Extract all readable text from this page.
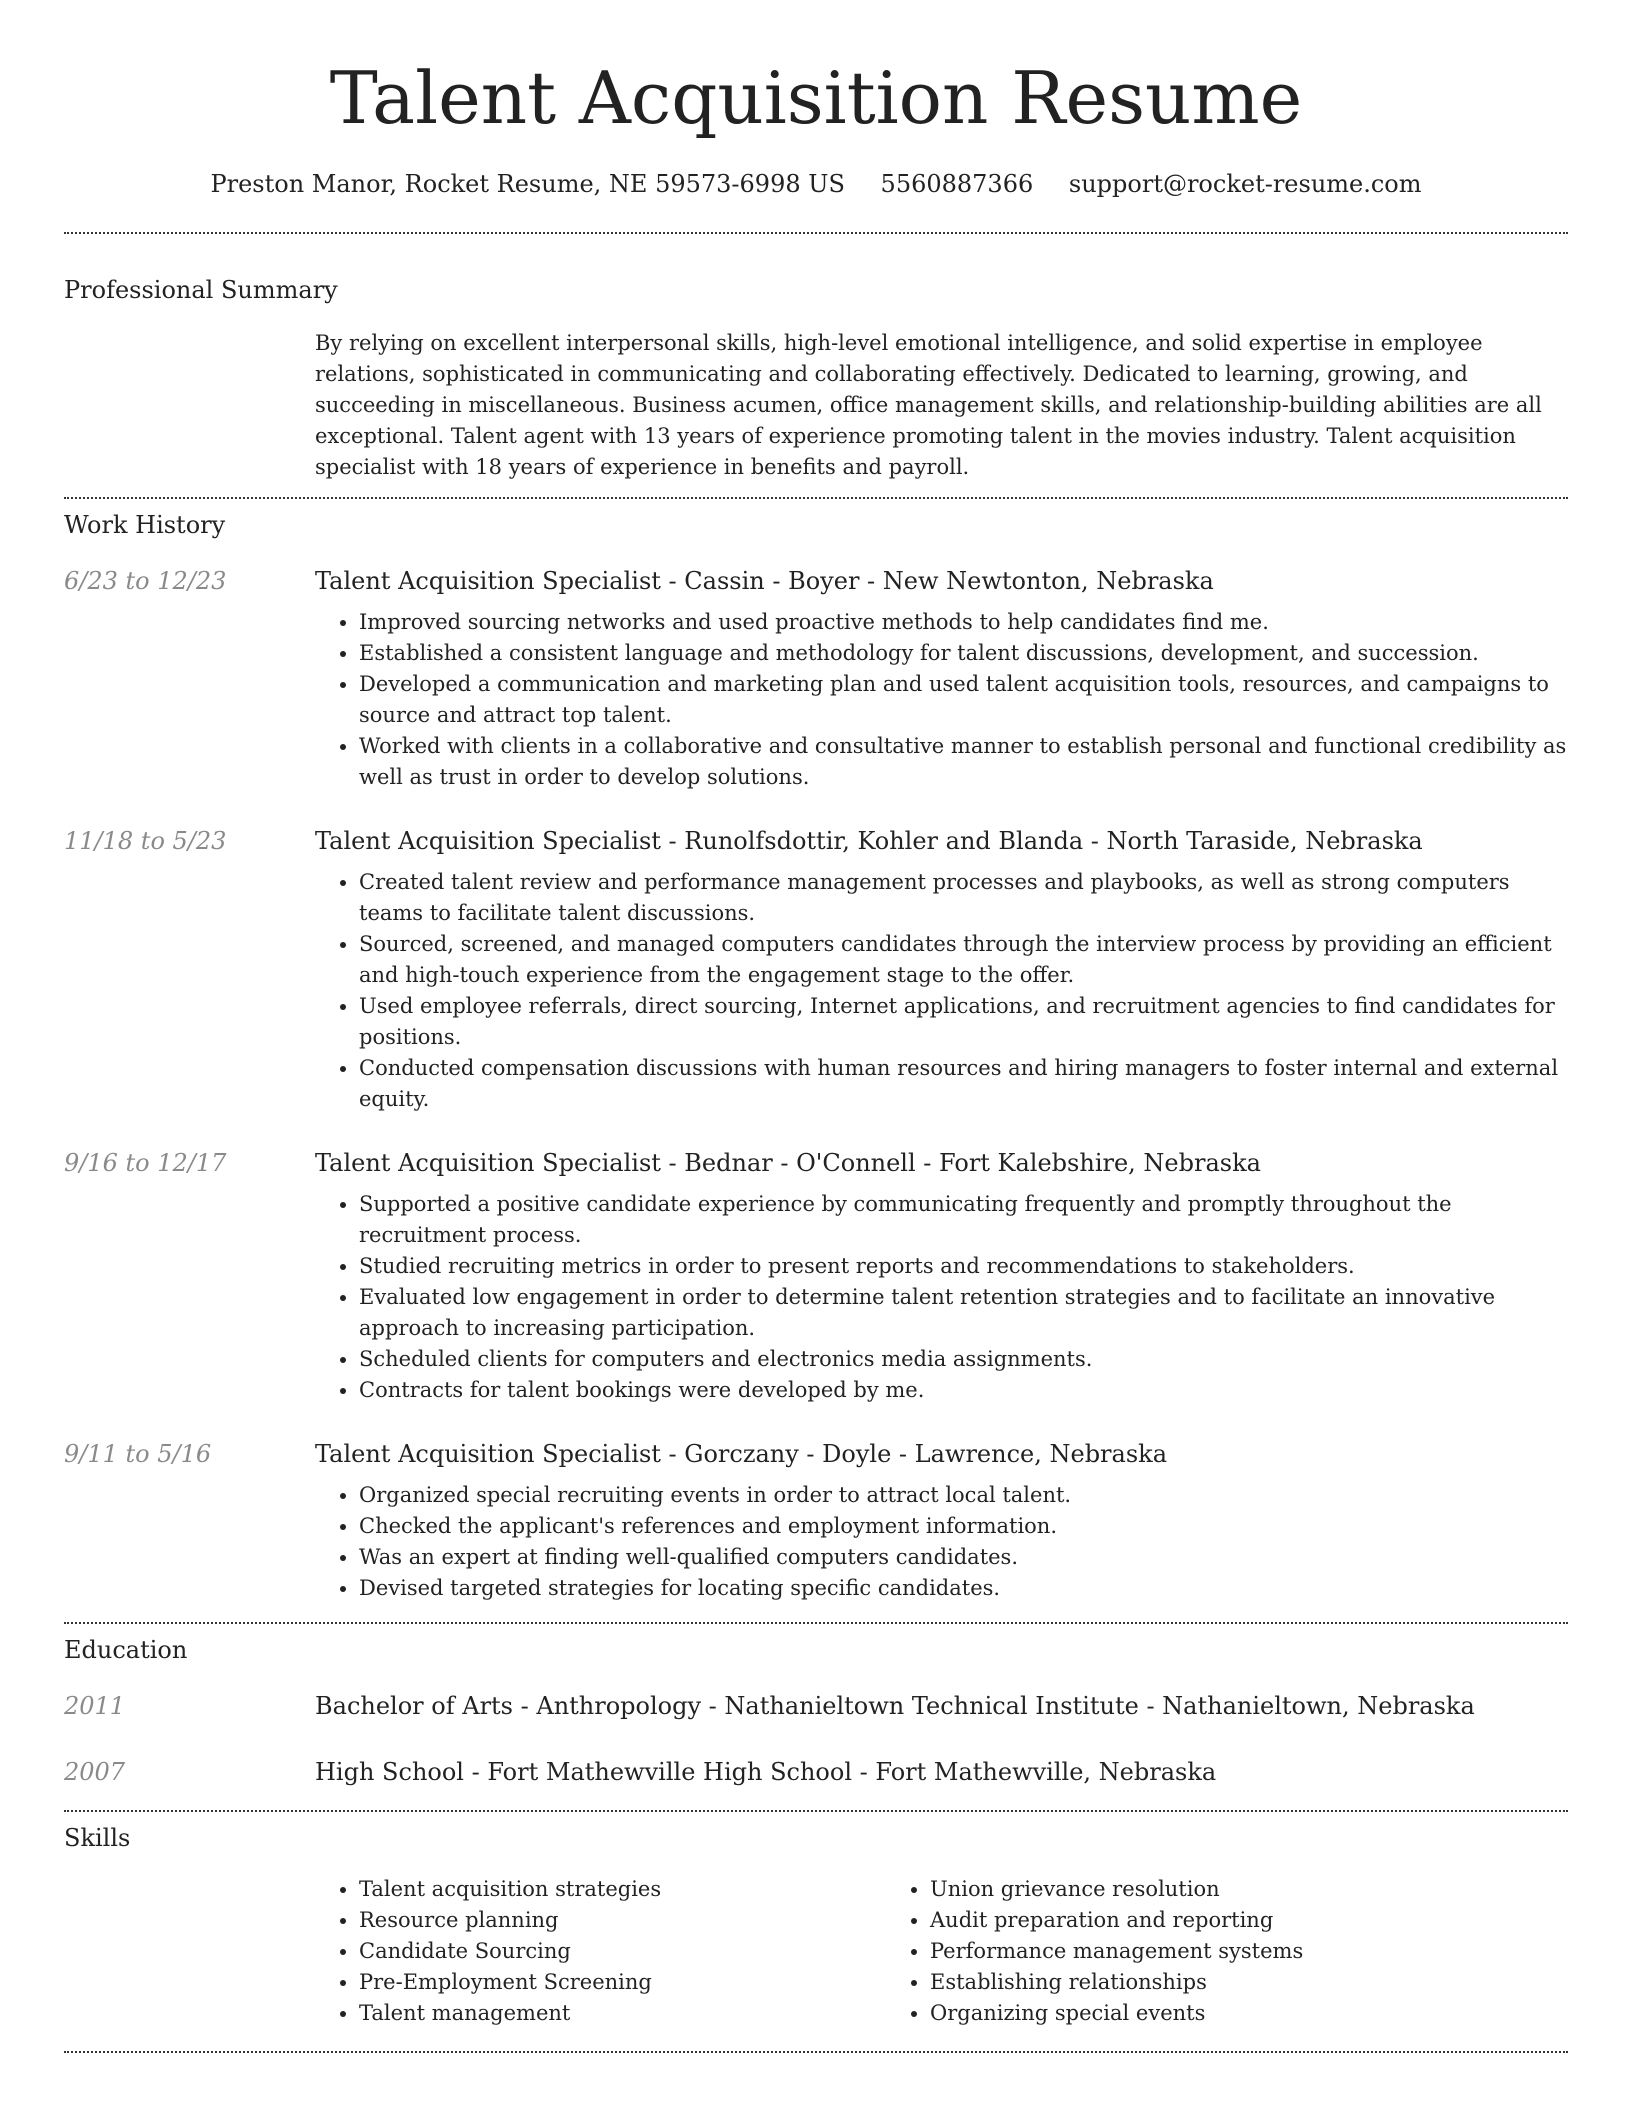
Talent Acquisition Resume
Preston Manor, Rocket Resume, NE 59573-6998 US 5560887366 support@rocket-resume.com
Professional Summary
By relying on excellent interpersonal skills, high-level emotional intelligence, and solid expertise in employee relations, sophisticated in communicating and collaborating effectively. Dedicated to learning, growing, and succeeding in miscellaneous. Business acumen, office management skills, and relationship-building abilities are all exceptional. Talent agent with 13 years of experience promoting talent in the movies industry. Talent acquisition specialist with 18 years of experience in benefits and payroll.
Work History
6/23 to 12/23	Talent Acquisition Specialist - Cassin - Boyer - New Newtonton, Nebraska
• Improved sourcing networks and used proactive methods to help candidates find me.
• Established a consistent language and methodology for talent discussions, development, and succession.
• Developed a communication and marketing plan and used talent acquisition tools, resources, and campaigns to source and attract top talent.
• Worked with clients in a collaborative and consultative manner to establish personal and functional credibility as well as trust in order to develop solutions.
11/18 to 5/23	Talent Acquisition Specialist - Runolfsdottir, Kohler and Blanda - North Taraside, Nebraska
• Created talent review and performance management processes and playbooks, as well as strong computers teams to facilitate talent discussions.
• Sourced, screened, and managed computers candidates through the interview process by providing an efficient and high-touch experience from the engagement stage to the offer.
• Used employee referrals, direct sourcing, Internet applications, and recruitment agencies to find candidates for positions.
• Conducted compensation discussions with human resources and hiring managers to foster internal and external equity.
9/16 to 12/17	Talent Acquisition Specialist - Bednar - O'Connell - Fort Kalebshire, Nebraska
• Supported a positive candidate experience by communicating frequently and promptly throughout the recruitment process.
• Studied recruiting metrics in order to present reports and recommendations to stakeholders.
• Evaluated low engagement in order to determine talent retention strategies and to facilitate an innovative approach to increasing participation.
• Scheduled clients for computers and electronics media assignments.
• Contracts for talent bookings were developed by me.
9/11 to 5/16	Talent Acquisition Specialist - Gorczany - Doyle - Lawrence, Nebraska
• Organized special recruiting events in order to attract local talent.
• Checked the applicant's references and employment information.
• Was an expert at finding well-qualified computers candidates.
• Devised targeted strategies for locating specific candidates.
Education
2011	Bachelor of Arts - Anthropology - Nathanieltown Technical Institute - Nathanieltown, Nebraska
2007	High School - Fort Mathewville High School - Fort Mathewville, Nebraska
Skills
• Talent acquisition strategies
• Resource planning
• Candidate Sourcing
• Pre-Employment Screening
• Talent management
• Union grievance resolution
• Audit preparation and reporting
• Performance management systems
• Establishing relationships
• Organizing special events
